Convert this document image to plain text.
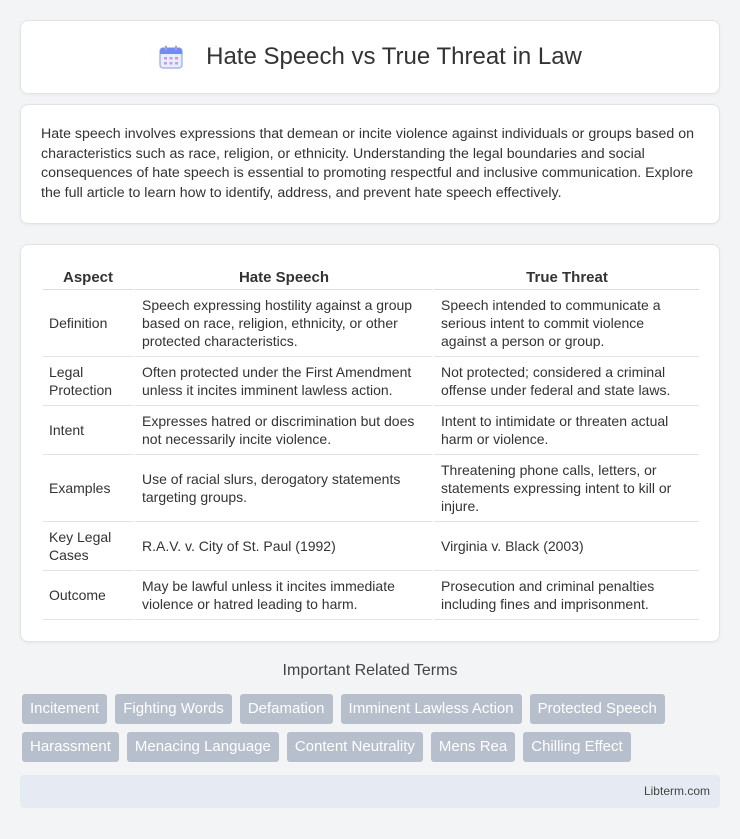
Hate Speech vs True Threat in Law

Hate speech involves expressions that demean or incite violence against individuals or groups based on characteristics such as race, religion, or ethnicity. Understanding the legal boundaries and social consequences of hate speech is essential to promoting respectful and inclusive communication. Explore the full article to learn how to identify, address, and prevent hate speech effectively.

Aspect	Hate Speech	True Threat
Definition	Speech expressing hostility against a group based on race, religion, ethnicity, or other protected characteristics.	Speech intended to communicate a serious intent to commit violence against a person or group.
Legal Protection	Often protected under the First Amendment unless it incites imminent lawless action.	Not protected; considered a criminal offense under federal and state laws.
Intent	Expresses hatred or discrimination but does not necessarily incite violence.	Intent to intimidate or threaten actual harm or violence.
Examples	Use of racial slurs, derogatory statements targeting groups.	Threatening phone calls, letters, or statements expressing intent to kill or injure.
Key Legal Cases	R.A.V. v. City of St. Paul (1992)	Virginia v. Black (2003)
Outcome	May be lawful unless it incites immediate violence or hatred leading to harm.	Prosecution and criminal penalties including fines and imprisonment.
Important Related Terms
Incitement	Fighting Words	Defamation	Imminent Lawless Action	Protected Speech
Harassment	Menacing Language	Content Neutrality	Mens Rea	Chilling Effect
Libterm.com
